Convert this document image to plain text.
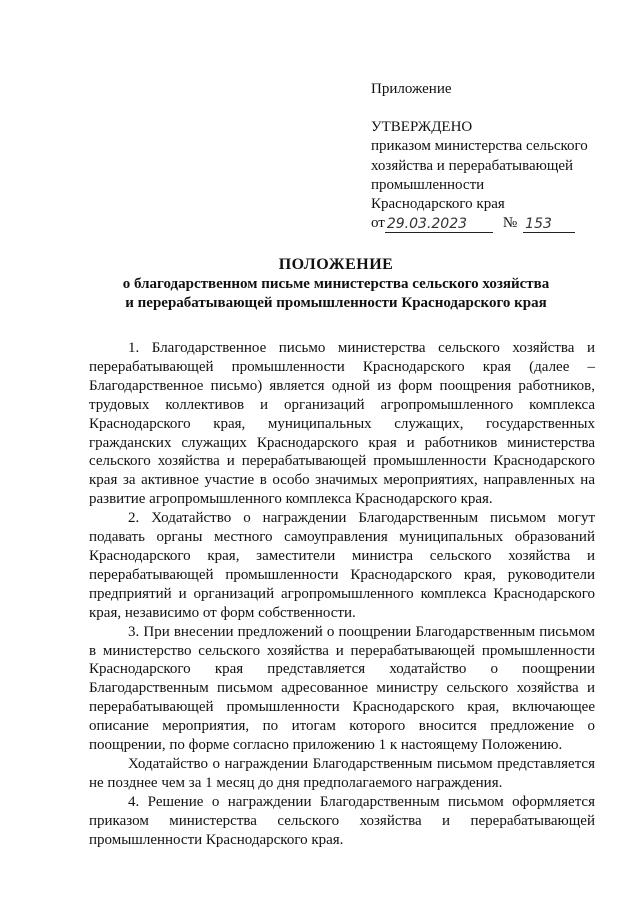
Приложение
УТВЕРЖДЕНО
приказом министерства сельского
хозяйства и перерабатывающей
промышленности
Краснодарского края
от 29.03.2023	№ 153
ПОЛОЖЕНИЕ
о благодарственном письме министерства сельского хозяйства
и перерабатывающей промышленности Краснодарского края

1. Благодарственное письмо министерства сельского хозяйства и перерабатывающей промышленности Краснодарского края (далее – Благодарственное письмо) является одной из форм поощрения работников, трудовых коллективов и организаций агропромышленного комплекса Краснодарского края, муниципальных служащих, государственных гражданских служащих Краснодарского края и работников министерства сельского хозяйства и перерабатывающей промышленности Краснодарского края за активное участие в особо значимых мероприятиях, направленных на развитие агропромышленного комплекса Краснодарского края.

2. Ходатайство о награждении Благодарственным письмом могут подавать органы местного самоуправления муниципальных образований Краснодарского края, заместители министра сельского хозяйства и перерабатывающей промышленности Краснодарского края, руководители предприятий и организаций агропромышленного комплекса Краснодарского края, независимо от форм собственности.

3. При внесении предложений о поощрении Благодарственным письмом в министерство сельского хозяйства и перерабатывающей промышленности Краснодарского края представляется ходатайство о поощрении Благодарственным письмом адресованное министру сельского хозяйства и перерабатывающей промышленности Краснодарского края, включающее описание мероприятия, по итогам которого вносится предложение о поощрении, по форме согласно приложению 1 к настоящему Положению.

Ходатайство о награждении Благодарственным письмом представляется не позднее чем за 1 месяц до дня предполагаемого награждения.

4. Решение о награждении Благодарственным письмом оформляется приказом министерства сельского хозяйства и перерабатывающей промышленности Краснодарского края.
